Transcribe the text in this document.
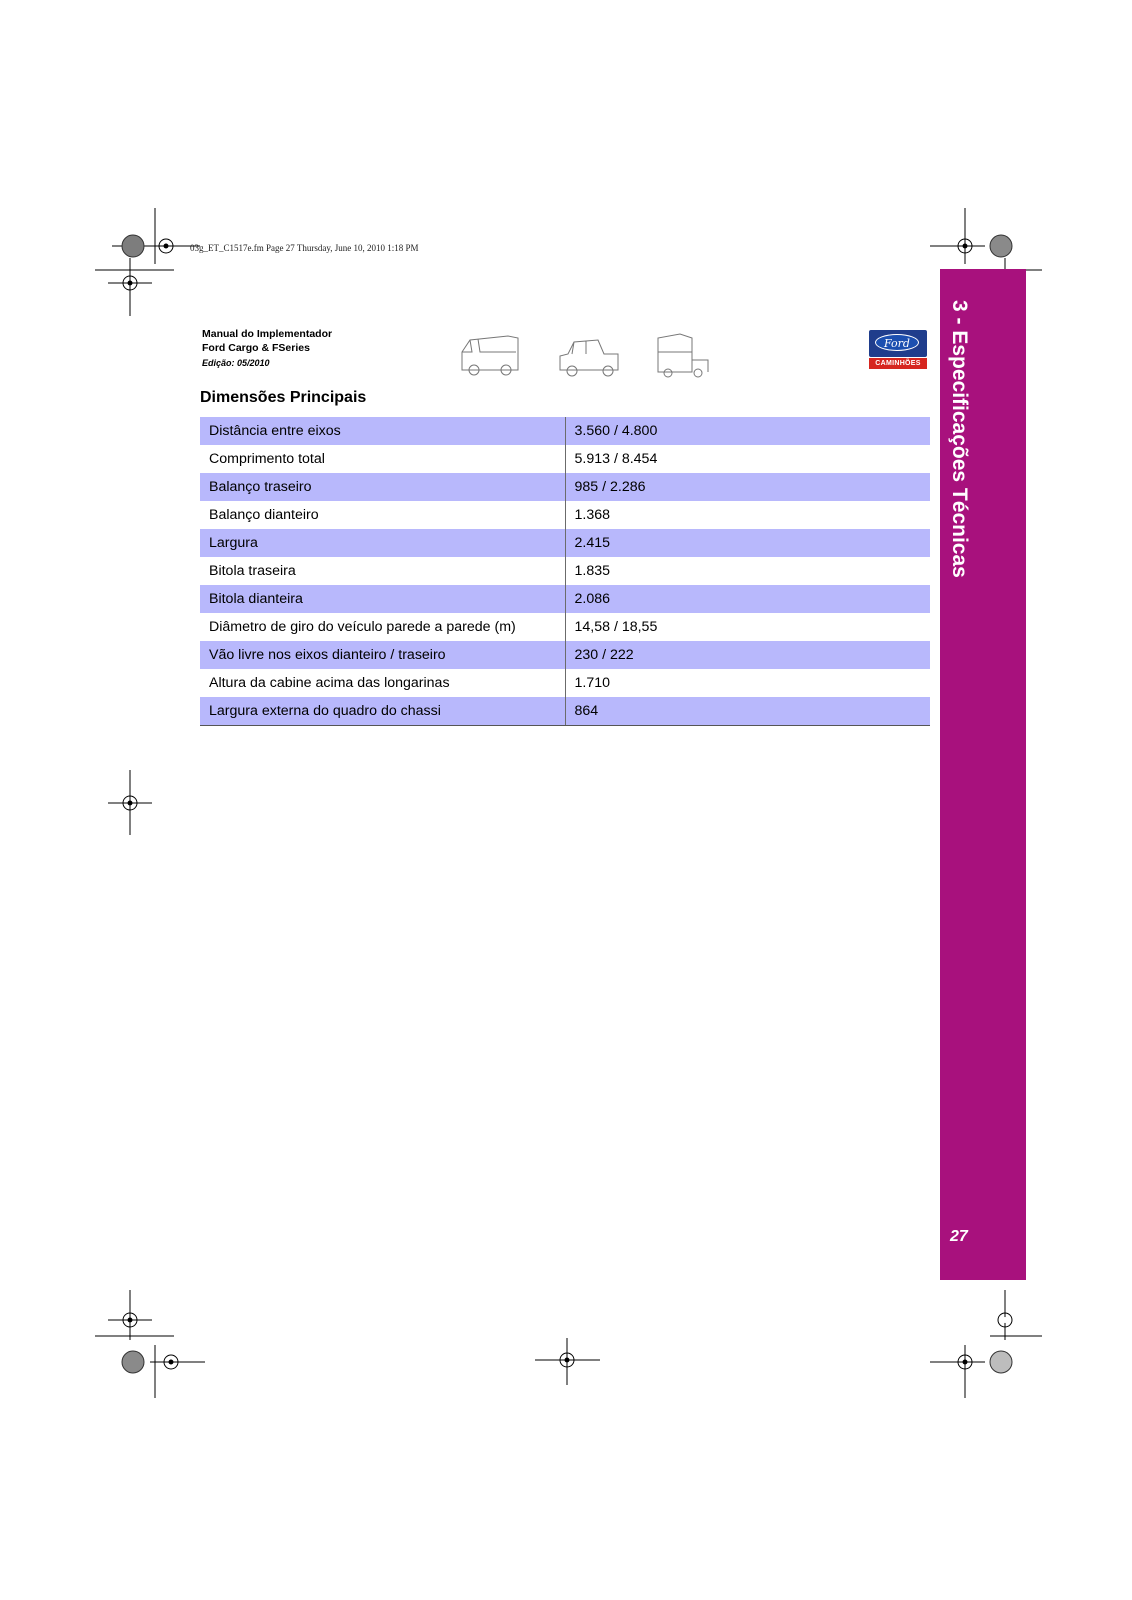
03g_ET_C1517e.fm Page 27 Thursday, June 10, 2010 1:18 PM
Manual do Implementador
Ford Cargo & FSeries
Edição: 05/2010
Ford
CAMINHÕES
Dimensões Principais
Distância entre eixos	3.560 / 4.800
Comprimento total	5.913 / 8.454
Balanço traseiro	985 / 2.286
Balanço dianteiro	1.368
Largura	2.415
Bitola traseira	1.835
Bitola dianteira	2.086
Diâmetro de giro do veículo parede a parede (m)	14,58 / 18,55
Vão livre nos eixos dianteiro / traseiro	230 / 222
Altura da cabine acima das longarinas	1.710
Largura externa do quadro do chassi	864
3 - Especificações Técnicas
27
